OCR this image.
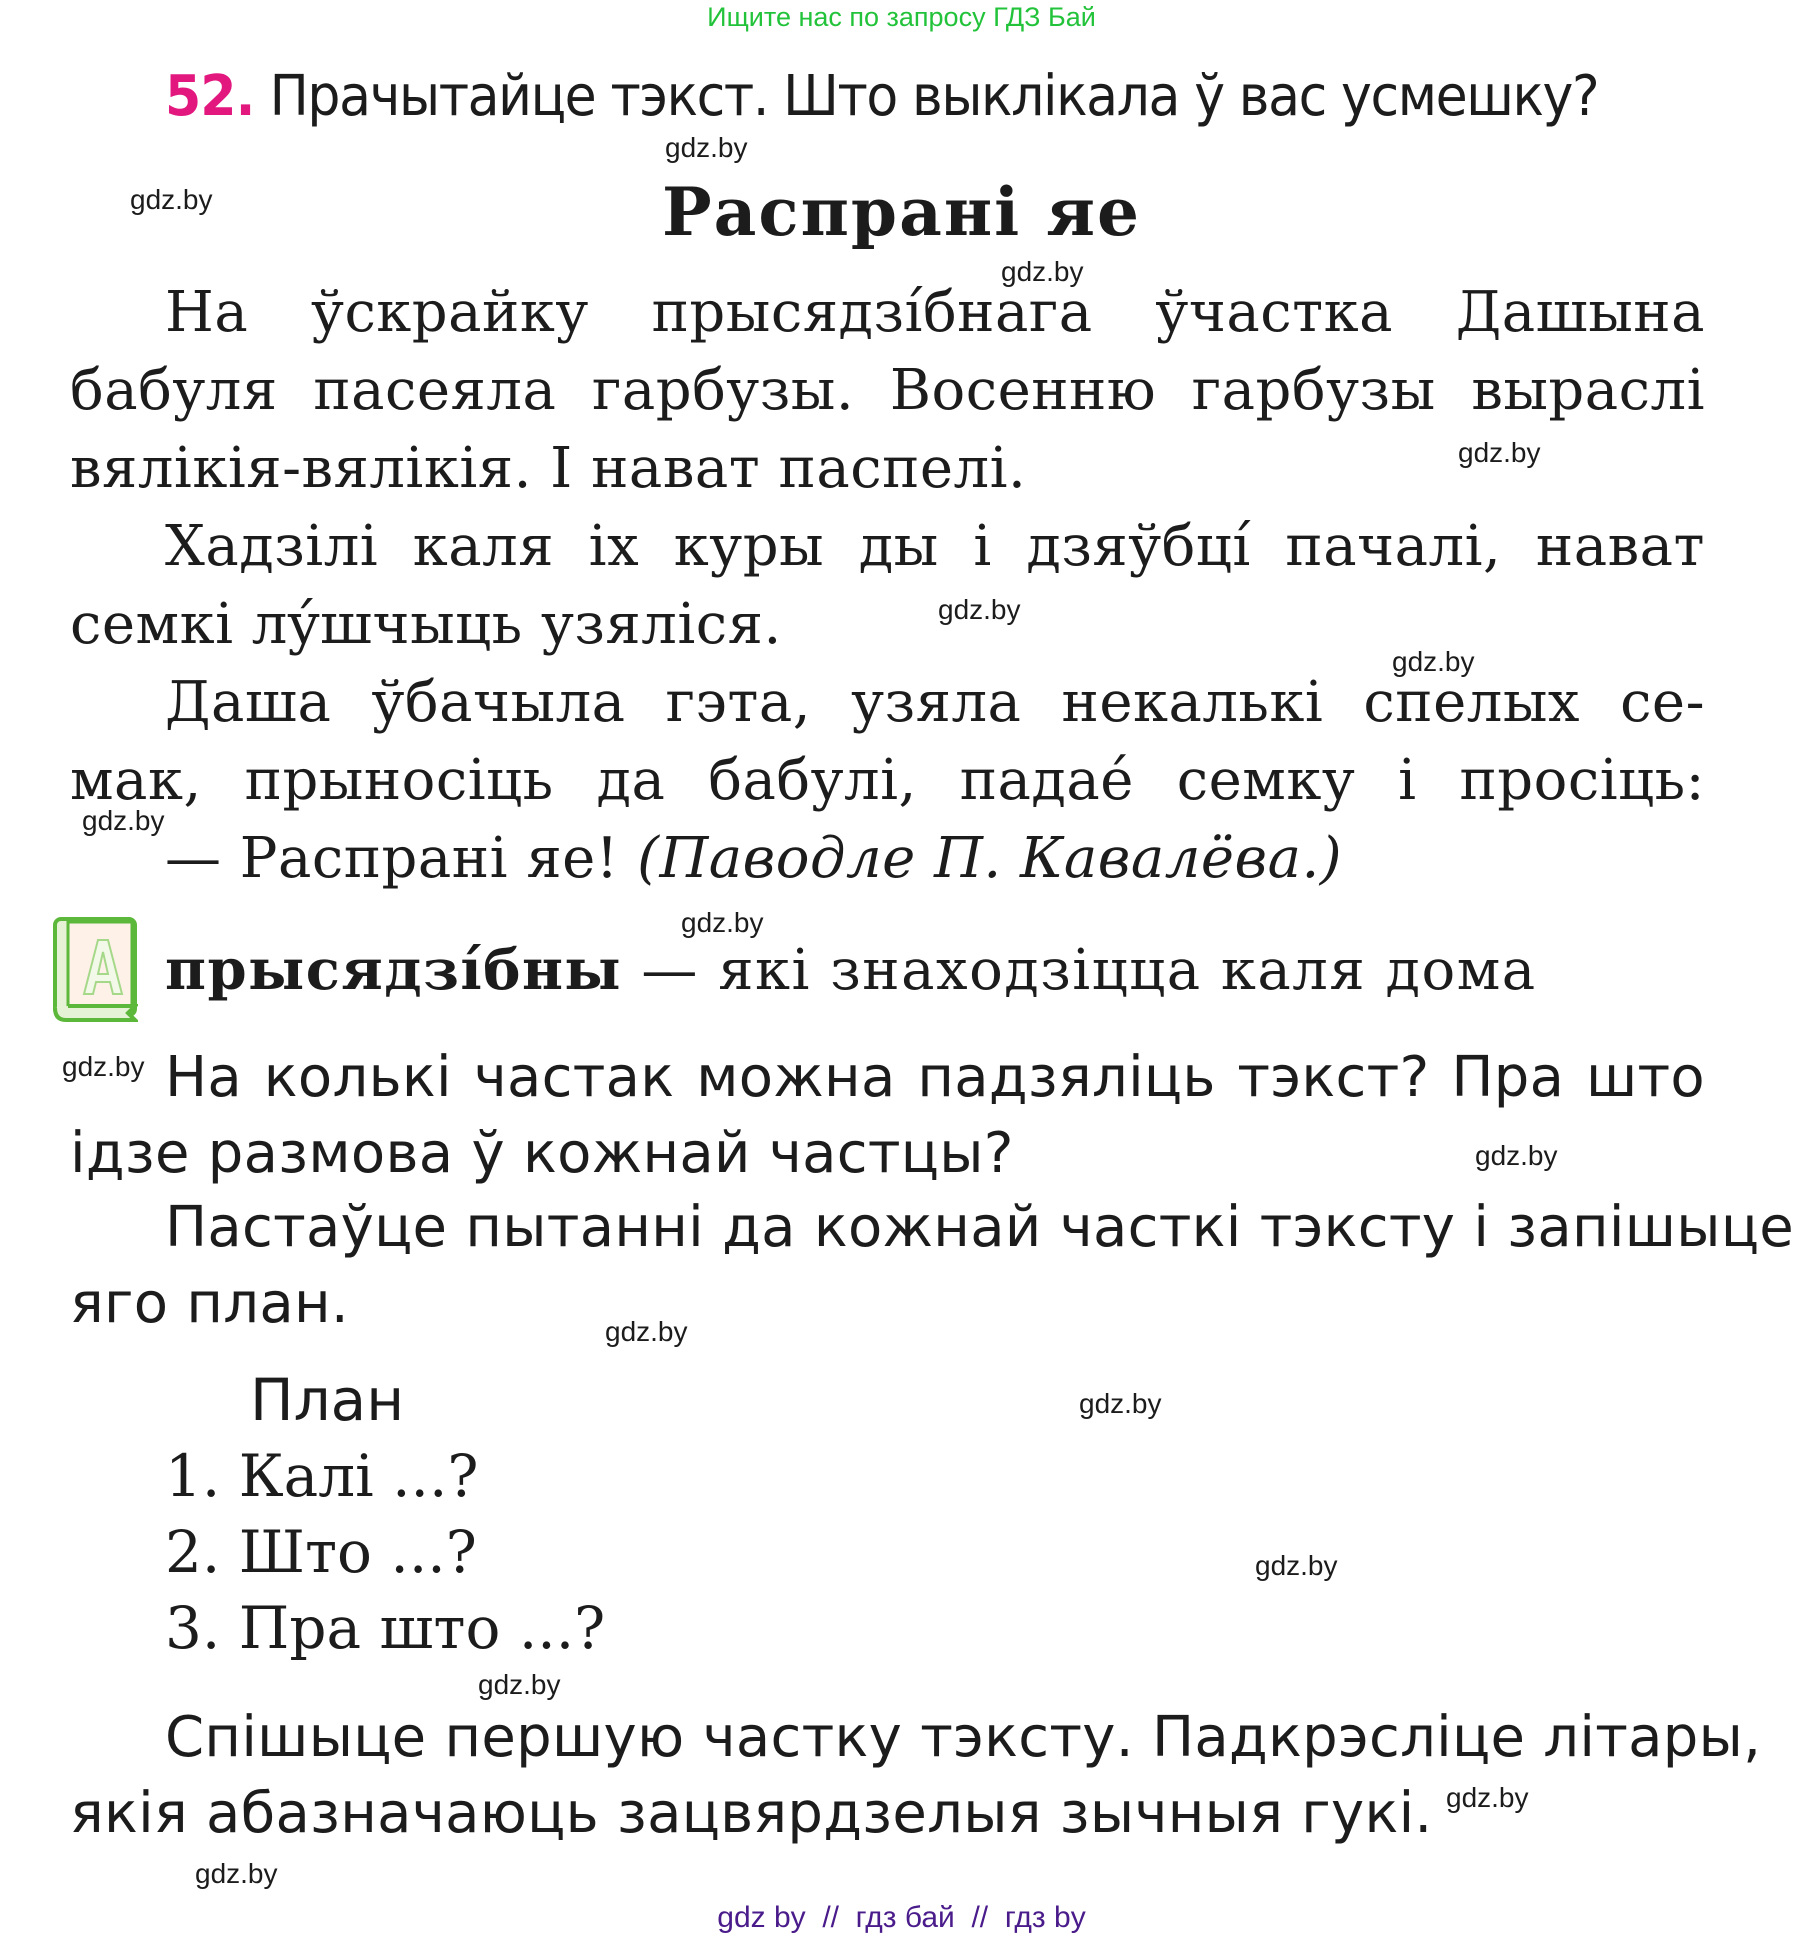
Ищите нас по запросу ГДЗ Бай
52. Прачытайце тэкст. Што выклікала ў вас усмешку?
Распрані яе
На ўскрайку прысядзíбнага ўчастка Дашына
бабуля пасеяла гарбузы. Восенню гарбузы выраслі
вялікія-вялікія. І нават паспелі.
Хадзілі каля іх куры ды і дзяўбцí пачалі, нават
семкі лýшчыць узяліся.
Даша ўбачыла гэта, узяла некалькі спелых се-
мак, прыносіць да бабулі, падаé семку і просіць:
— Распрані яе! (Паводле П. Кавалёва.)
прысядзíбны — які знаходзіцца каля дома
На колькі частак можна падзяліць тэкст? Пра што
ідзе размова ў кожнай частцы?
Пастаўце пытанні да кожнай часткі тэксту і запішыце
яго план.
План
1. Калі ...?
2. Што ...?
3. Пра што ...?
Спішыце першую частку тэксту. Падкрэсліце літары,
якія абазначаюць зацвярдзелыя зычныя гукі.
gdz.by
gdz.by
gdz.by
gdz.by
gdz.by
gdz.by
gdz.by
gdz.by
gdz.by
gdz.by
gdz.by
gdz.by
gdz.by
gdz.by
gdz.by
gdz.by
gdz by  //  гдз бай  //  гдз by
